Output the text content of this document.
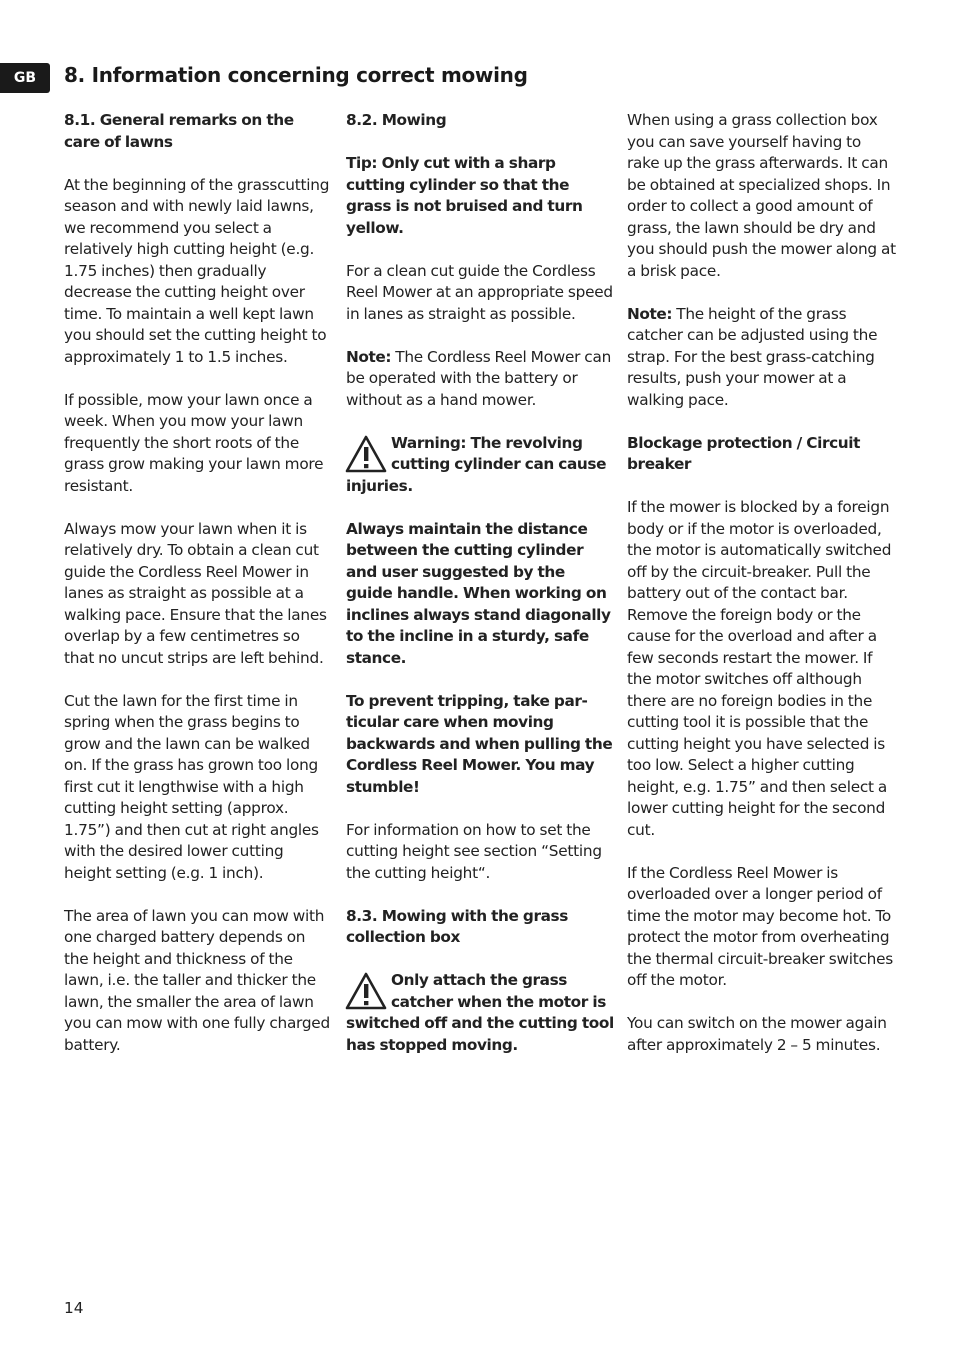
GB	8. Information concerning correct mowing
8.1. General remarks on the care of lawns

At the beginning of the grasscutting season and with newly laid lawns, we recommend you select a relatively high cutting height (e.g. 1.75 inches) then gradually decrease the cutting height over time. To maintain a well kept lawn you should set the cutting height to approximately 1 to 1.5 inches.

If possible, mow your lawn once a week. When you mow your lawn frequently the short roots of the grass grow making your lawn more resistant.

Always mow your lawn when it is relatively dry. To obtain a clean cut guide the Cordless Reel Mower in lanes as straight as possible at a walking pace. Ensure that the lanes overlap by a few centimetres so that no uncut strips are left behind.

Cut the lawn for the first time in spring when the grass begins to grow and the lawn can be walked on. If the grass has grown too long first cut it lengthwise with a high cutting height setting (approx. 1.75”) and then cut at right angles with the desired lower cutting height setting (e.g. 1 inch).

The area of lawn you can mow with one charged battery depends on the height and thickness of the lawn, i.e. the taller and thicker the lawn, the smaller the area of lawn you can mow with one fully charged battery.

8.2. Mowing

Tip: Only cut with a sharp cutting cylinder so that the grass is not bruised and turn yellow.

For a clean cut guide the Cordless Reel Mower at an appropriate speed in lanes as straight as possible.

Note: The Cordless Reel Mower can be operated with the battery or without as a hand mower.

Warning: The revolving cutting cylinder can cause injuries.

Always maintain the distance between the cutting cylinder and user suggested by the guide handle. When working on inclines always stand diagonally to the incline in a sturdy, safe stance.

To prevent tripping, take par-ticular care when moving backwards and when pulling the Cordless Reel Mower. You may stumble!

For information on how to set the cutting height see section “Setting the cutting height“.

8.3. Mowing with the grass collection box
Only attach the grass catcher when the motor is switched off and the cutting tool has stopped moving.

When using a grass collection box you can save yourself having to rake up the grass afterwards. It can be obtained at specialized shops. In order to collect a good amount of grass, the lawn should be dry and you should push the mower along at a brisk pace.

Note: The height of the grass catcher can be adjusted using the strap. For the best grass-catching results, push your mower at a walking pace.

Blockage protection / Circuit breaker

If the mower is blocked by a foreign body or if the motor is overloaded, the motor is automatically switched off by the circuit-breaker. Pull the battery out of the contact bar. Remove the foreign body or the cause for the overload and after a few seconds restart the mower. If the motor switches off although there are no foreign bodies in the cutting tool it is possible that the cutting height you have selected is too low. Select a higher cutting height, e.g. 1.75” and then select a lower cutting height for the second cut.

If the Cordless Reel Mower is overloaded over a longer period of time the motor may become hot. To protect the motor from overheating the thermal circuit-breaker switches off the motor.

You can switch on the mower again after approximately 2 – 5 minutes.

14
